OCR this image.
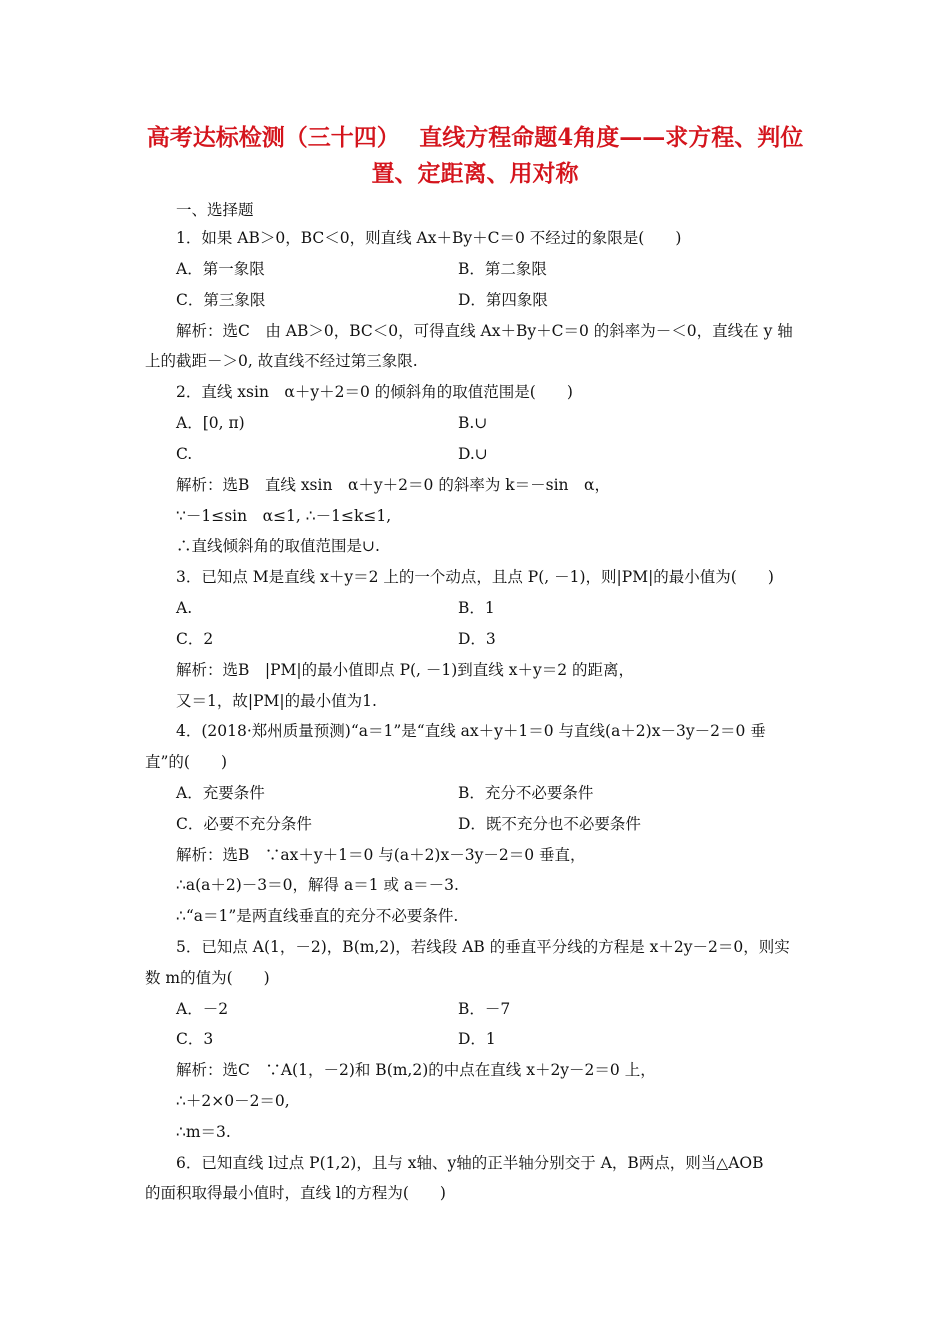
高考达标检测（三十四）　 直线方程命题4角度——求方程、判位
置、定距离、用对称
一、选择题
1．如果 AB＞0，BC＜0，则直线 Ax＋By＋C＝0 不经过的象限是(　　)
A．第一象限	B．第二象限
C．第三象限	D．第四象限
解析：选C　由 AB＞0，BC＜0，可得直线 Ax＋By＋C＝0 的斜率为－＜0，直线在 y 轴
上的截距－＞0, 故直线不经过第三象限.
2．直线 xsin　α＋y＋2＝0 的倾斜角的取值范围是(　　)
A．[0, π)	B.∪
C.	D.∪
解析：选B　直线 xsin　α＋y＋2＝0 的斜率为 k＝－sin　α，
∵－1≤sin　α≤1, ∴－1≤k≤1,
∴直线倾斜角的取值范围是∪.
3．已知点 M是直线 x＋y＝2 上的一个动点，且点 P(, －1)，则|PM|的最小值为(　　)
A.	B．1
C．2	D．3
解析：选B　|PM|的最小值即点 P(, －1)到直线 x＋y＝2 的距离，
又＝1，故|PM|的最小值为1.
4．(2018·郑州质量预测)“a＝1”是“直线 ax＋y＋1＝0 与直线(a＋2)x－3y－2＝0 垂
直”的(　　)
A．充要条件	B．充分不必要条件
C．必要不充分条件	D．既不充分也不必要条件
解析：选B　∵ax＋y＋1＝0 与(a＋2)x－3y－2＝0 垂直，
∴a(a＋2)－3＝0，解得 a＝1 或 a＝－3.
∴“a＝1”是两直线垂直的充分不必要条件.
5．已知点 A(1，－2)，B(m,2)，若线段 AB 的垂直平分线的方程是 x＋2y－2＝0，则实
数 m的值为(　　)
A．－2	B．－7
C．3	D．1
解析：选C　∵A(1，－2)和 B(m,2)的中点在直线 x＋2y－2＝0 上，
∴＋2×0－2＝0,
∴m＝3.
6．已知直线 l过点 P(1,2)，且与 x轴、y轴的正半轴分别交于 A，B两点，则当△AOB
的面积取得最小值时，直线 l的方程为(　　)
